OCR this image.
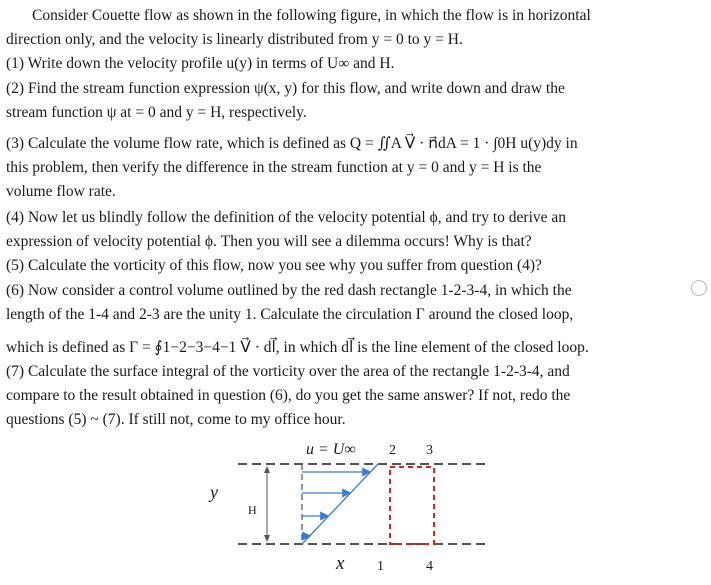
Consider Couette flow as shown in the following figure, in which the flow is in horizontal

direction only, and the velocity is linearly distributed from y = 0 to y = H.

(1) Write down the velocity profile u(y) in terms of U∞ and H.

(2) Find the stream function expression ψ(x, y) for this flow, and write down and draw the

stream function ψ at = 0 and y = H, respectively.

(3) Calculate the volume flow rate, which is defined as Q = ∬A V⃗ · n⃗dA = 1 · ∫0H u(y)dy in

this problem, then verify the difference in the stream function at y = 0 and y = H is the

volume flow rate.

(4) Now let us blindly follow the definition of the velocity potential ϕ, and try to derive an

expression of velocity potential ϕ. Then you will see a dilemma occurs! Why is that?

(5) Calculate the vorticity of this flow, now you see why you suffer from question (4)?

(6) Now consider a control volume outlined by the red dash rectangle 1-2-3-4, in which the

length of the 1-4 and 2-3 are the unity 1. Calculate the circulation Γ around the closed loop,

which is defined as Γ = ∮1−2−3−4−1 V⃗ · dl⃗, in which dl⃗ is the line element of the closed loop.

(7) Calculate the surface integral of the vorticity over the area of the rectangle 1-2-3-4, and

compare to the result obtained in question (6), do you get the same answer? If not, redo the

questions (5) ~ (7). If still not, come to my office hour.

u = U∞
y
H
x
2 3
1	4
